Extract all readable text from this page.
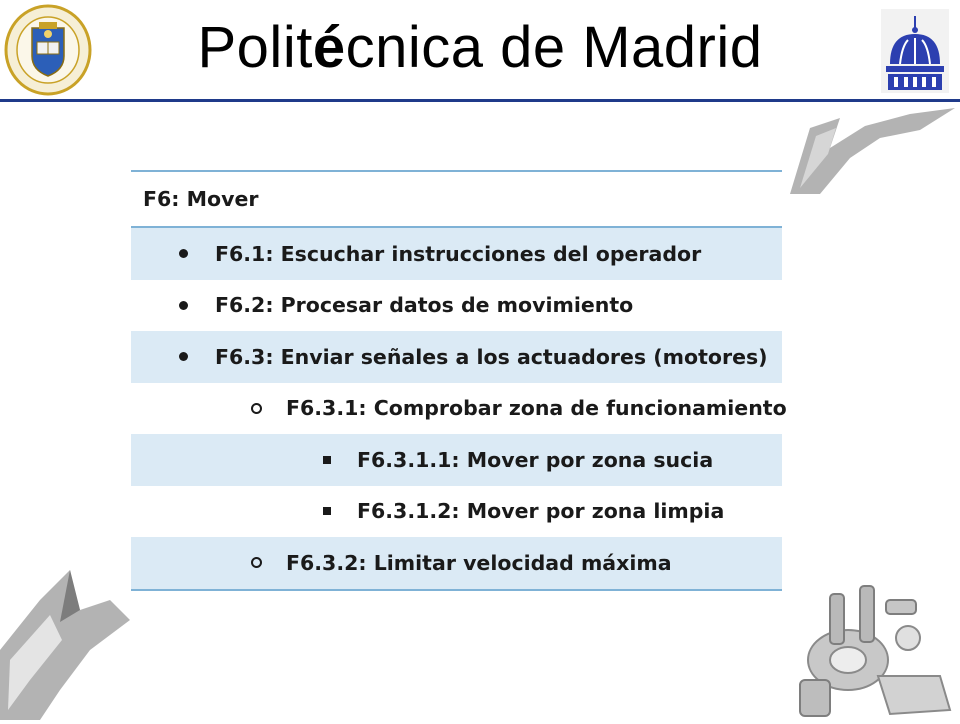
Politécnica de Madrid
F6: Mover
F6.1: Escuchar instrucciones del operador
F6.2: Procesar datos de movimiento
F6.3: Enviar señales a los actuadores (motores)
F6.3.1: Comprobar zona de funcionamiento
F6.3.1.1: Mover por zona sucia
F6.3.1.2: Mover por zona limpia
F6.3.2: Limitar velocidad máxima
